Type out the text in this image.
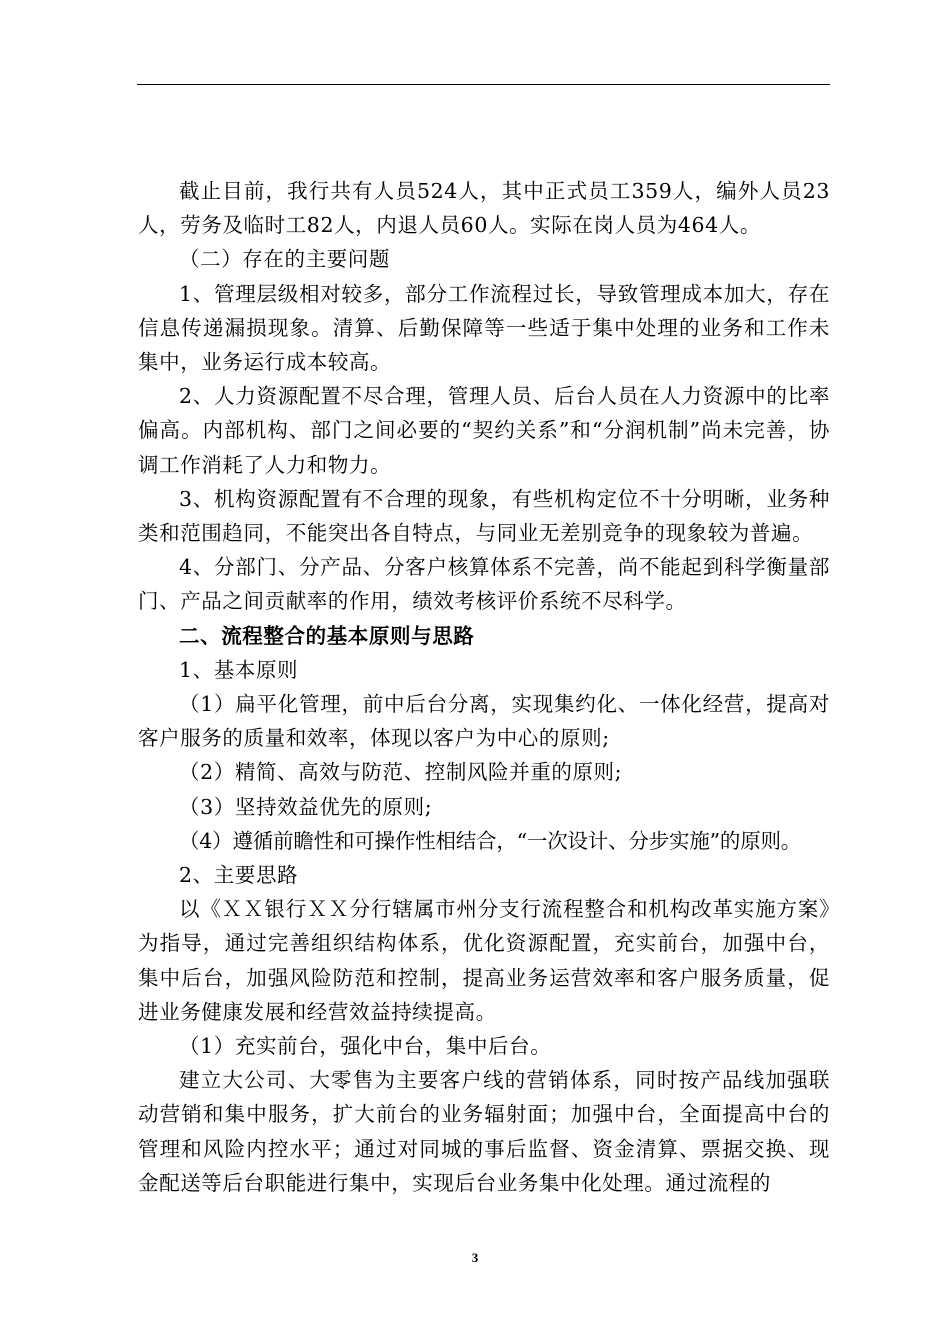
截止目前，我行共有人员524人，其中正式员工359人，编外人员23人，劳务及临时工82人，内退人员60人。实际在岗人员为464人。

（二）存在的主要问题

1、管理层级相对较多，部分工作流程过长，导致管理成本加大，存在信息传递漏损现象。清算、后勤保障等一些适于集中处理的业务和工作未集中，业务运行成本较高。

2、人力资源配置不尽合理，管理人员、后台人员在人力资源中的比率偏高。内部机构、部门之间必要的“契约关系”和“分润机制”尚未完善，协调工作消耗了人力和物力。

3、机构资源配置有不合理的现象，有些机构定位不十分明晰，业务种类和范围趋同，不能突出各自特点，与同业无差别竞争的现象较为普遍。

4、分部门、分产品、分客户核算体系不完善，尚不能起到科学衡量部门、产品之间贡献率的作用，绩效考核评价系统不尽科学。

二、流程整合的基本原则与思路

1、基本原则

（1）扁平化管理，前中后台分离，实现集约化、一体化经营，提高对客户服务的质量和效率，体现以客户为中心的原则;

（2）精简、高效与防范、控制风险并重的原则;

（3）坚持效益优先的原则;

（4）遵循前瞻性和可操作性相结合，“一次设计、分步实施”的原则。

2、主要思路

以《ＸＸ银行ＸＸ分行辖属市州分支行流程整合和机构改革实施方案》为指导，通过完善组织结构体系，优化资源配置，充实前台，加强中台，集中后台，加强风险防范和控制，提高业务运营效率和客户服务质量，促进业务健康发展和经营效益持续提高。

（1）充实前台，强化中台，集中后台。

建立大公司、大零售为主要客户线的营销体系，同时按产品线加强联动营销和集中服务，扩大前台的业务辐射面；加强中台，全面提高中台的管理和风险内控水平；通过对同城的事后监督、资金清算、票据交换、现金配送等后台职能进行集中，实现后台业务集中化处理。通过流程的

3
